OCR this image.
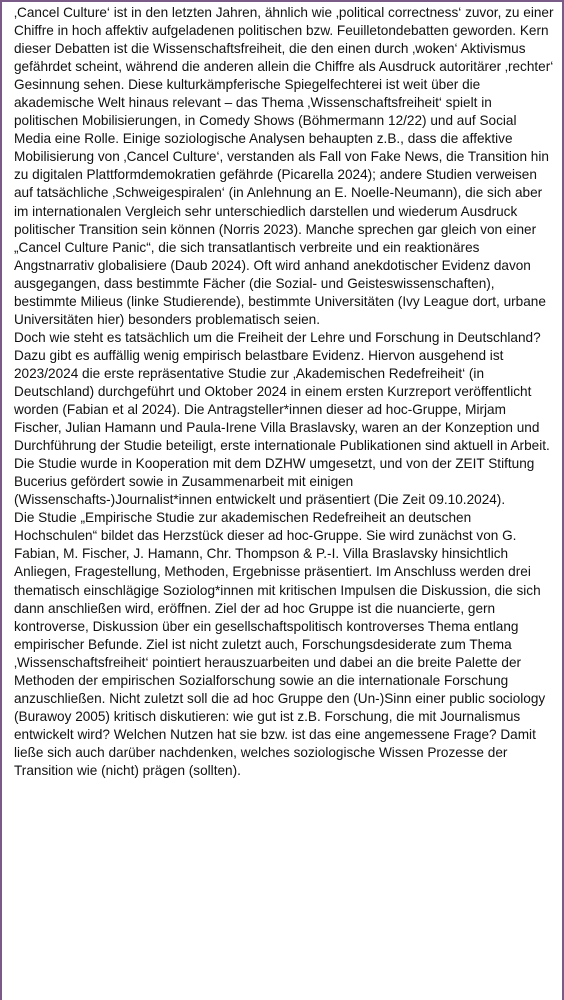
‚Cancel Culture‘ ist in den letzten Jahren, ähnlich wie ‚political correctness‘ zuvor, zu einer Chiffre in hoch affektiv aufgeladenen politischen bzw. Feuilletondebatten geworden. Kern dieser Debatten ist die Wissenschaftsfreiheit, die den einen durch ‚woken‘ Aktivismus gefährdet scheint, während die anderen allein die Chiffre als Ausdruck autoritärer ‚rechter‘ Gesinnung sehen. Diese kulturkämpferische Spiegelfechterei ist weit über die akademische Welt hinaus relevant – das Thema ‚Wissenschaftsfreiheit‘ spielt in politischen Mobilisierungen, in Comedy Shows (Böhmermann 12/22) und auf Social Media eine Rolle. Einige soziologische Analysen behaupten z.B., dass die affektive Mobilisierung von ‚Cancel Culture‘, verstanden als Fall von Fake News, die Transition hin zu digitalen Plattformdemokratien gefährde (Picarella 2024); andere Studien verweisen auf tatsächliche ‚Schweigespiralen‘ (in Anlehnung an E. Noelle-Neumann), die sich aber im internationalen Vergleich sehr unterschiedlich darstellen und wiederum Ausdruck politischer Transition sein können (Norris 2023). Manche sprechen gar gleich von einer „Cancel Culture Panic“, die sich transatlantisch verbreite und ein reaktionäres Angstnarrativ globalisiere (Daub 2024). Oft wird anhand anekdotischer Evidenz davon ausgegangen, dass bestimmte Fächer (die Sozial- und Geisteswissenschaften), bestimmte Milieus (linke Studierende), bestimmte Universitäten (Ivy League dort, urbane Universitäten hier) besonders problematisch seien.

Doch wie steht es tatsächlich um die Freiheit der Lehre und Forschung in Deutschland? Dazu gibt es auffällig wenig empirisch belastbare Evidenz. Hiervon ausgehend ist 2023/2024 die erste repräsentative Studie zur ‚Akademischen Redefreiheit‘ (in Deutschland) durchgeführt und Oktober 2024 in einem ersten Kurzreport veröffentlicht worden (Fabian et al 2024). Die Antragsteller*innen dieser ad hoc-Gruppe, Mirjam Fischer, Julian Hamann und Paula-Irene Villa Braslavsky, waren an der Konzeption und Durchführung der Studie beteiligt, erste internationale Publikationen sind aktuell in Arbeit. Die Studie wurde in Kooperation mit dem DZHW umgesetzt, und von der ZEIT Stiftung Bucerius gefördert sowie in Zusammenarbeit mit einigen (Wissenschafts-)Journalist*innen entwickelt und präsentiert (Die Zeit 09.10.2024).

Die Studie „Empirische Studie zur akademischen Redefreiheit an deutschen Hochschulen“ bildet das Herzstück dieser ad hoc-Gruppe. Sie wird zunächst von G. Fabian, M. Fischer, J. Hamann, Chr. Thompson & P.-I. Villa Braslavsky hinsichtlich Anliegen, Fragestellung, Methoden, Ergebnisse präsentiert. Im Anschluss werden drei thematisch einschlägige Soziolog*innen mit kritischen Impulsen die Diskussion, die sich dann anschließen wird, eröffnen. Ziel der ad hoc Gruppe ist die nuancierte, gern kontroverse, Diskussion über ein gesellschaftspolitisch kontroverses Thema entlang empirischer Befunde. Ziel ist nicht zuletzt auch, Forschungsdesiderate zum Thema ‚Wissenschaftsfreiheit‘ pointiert herauszuarbeiten und dabei an die breite Palette der Methoden der empirischen Sozialforschung sowie an die internationale Forschung anzuschließen. Nicht zuletzt soll die ad hoc Gruppe den (Un-)Sinn einer public sociology (Burawoy 2005) kritisch diskutieren: wie gut ist z.B. Forschung, die mit Journalismus entwickelt wird? Welchen Nutzen hat sie bzw. ist das eine angemessene Frage? Damit ließe sich auch darüber nachdenken, welches soziologische Wissen Prozesse der Transition wie (nicht) prägen (sollten).
